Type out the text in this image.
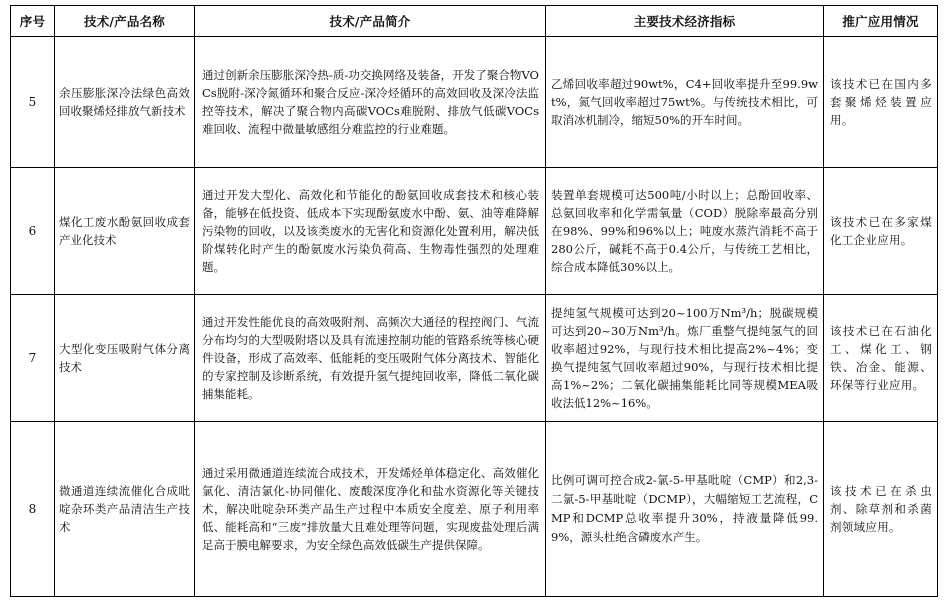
序号	技术/产品名称	技术/产品简介	主要技术经济指标	推广应用情况
5	余压膨胀深冷法绿色高效回收聚烯烃排放气新技术	通过创新余压膨胀深冷热-质-功交换网络及装备，开发了聚合物VOCs脱附-深冷氮循环和聚合反应-深冷烃循环的高效回收及深冷法监控等技术，解决了聚合物内高碳VOCs难脱附、排放气低碳VOCs难回收、流程中微量敏感组分难监控的行业难题。	乙烯回收率超过90wt%，C4+回收率提升至99.9wt%，氮气回收率超过75wt%。与传统技术相比，可取消冰机制冷，缩短50%的开车时间。	该技术已在国内多套聚烯烃装置应用。

6	煤化工废水酚氨回收成套产业化技术	通过开发大型化、高效化和节能化的酚氨回收成套技术和核心装备，能够在低投资、低成本下实现酚氨废水中酚、氨、油等难降解污染物的回收，以及该类废水的无害化和资源化处置利用，解决低阶煤转化时产生的酚氨废水污染负荷高、生物毒性强烈的处理难题。	装置单套规模可达500吨/小时以上；总酚回收率、总氨回收率和化学需氧量（COD）脱除率最高分别在98%、99%和96%以上；吨废水蒸汽消耗不高于280公斤，碱耗不高于0.4公斤，与传统工艺相比，综合成本降低30%以上。	该技术已在多家煤化工企业应用。

7	大型化变压吸附气体分离技术	通过开发性能优良的高效吸附剂、高频次大通径的程控阀门、气流分布均匀的大型吸附塔以及具有流速控制功能的管路系统等核心硬件设备，形成了高效率、低能耗的变压吸附气体分离技术、智能化的专家控制及诊断系统，有效提升氢气提纯回收率，降低二氧化碳捕集能耗。	提纯氢气规模可达到20~100万Nm³/h；脱碳规模可达到20~30万Nm³/h。炼厂重整气提纯氢气的回收率超过92%，与现行技术相比提高2%~4%；变换气提纯氢气回收率超过90%，与现行技术相比提高1%~2%；二氧化碳捕集能耗比同等规模MEA吸收法低12%~16%。	该技术已在石油化工、煤化工、钢铁、冶金、能源、环保等行业应用。

8	微通道连续流催化合成吡啶杂环类产品清洁生产技术	通过采用微通道连续流合成技术，开发烯烃单体稳定化、高效催化氯化、清洁氯化-协同催化、废酸深度净化和盐水资源化等关键技术，解决吡啶杂环类产品生产过程中本质安全度差、原子利用率低、能耗高和“三废”排放量大且难处理等问题，实现废盐处理后满足高于膜电解要求，为安全绿色高效低碳生产提供保障。	比例可调可控合成2-氯-5-甲基吡啶（CMP）和2,3-二氯-5-甲基吡啶（DCMP），大幅缩短工艺流程，CMP和DCMP总收率提升30%，持液量降低99.9%，源头杜绝含磷废水产生。	该技术已在杀虫剂、除草剂和杀菌剂领域应用。
